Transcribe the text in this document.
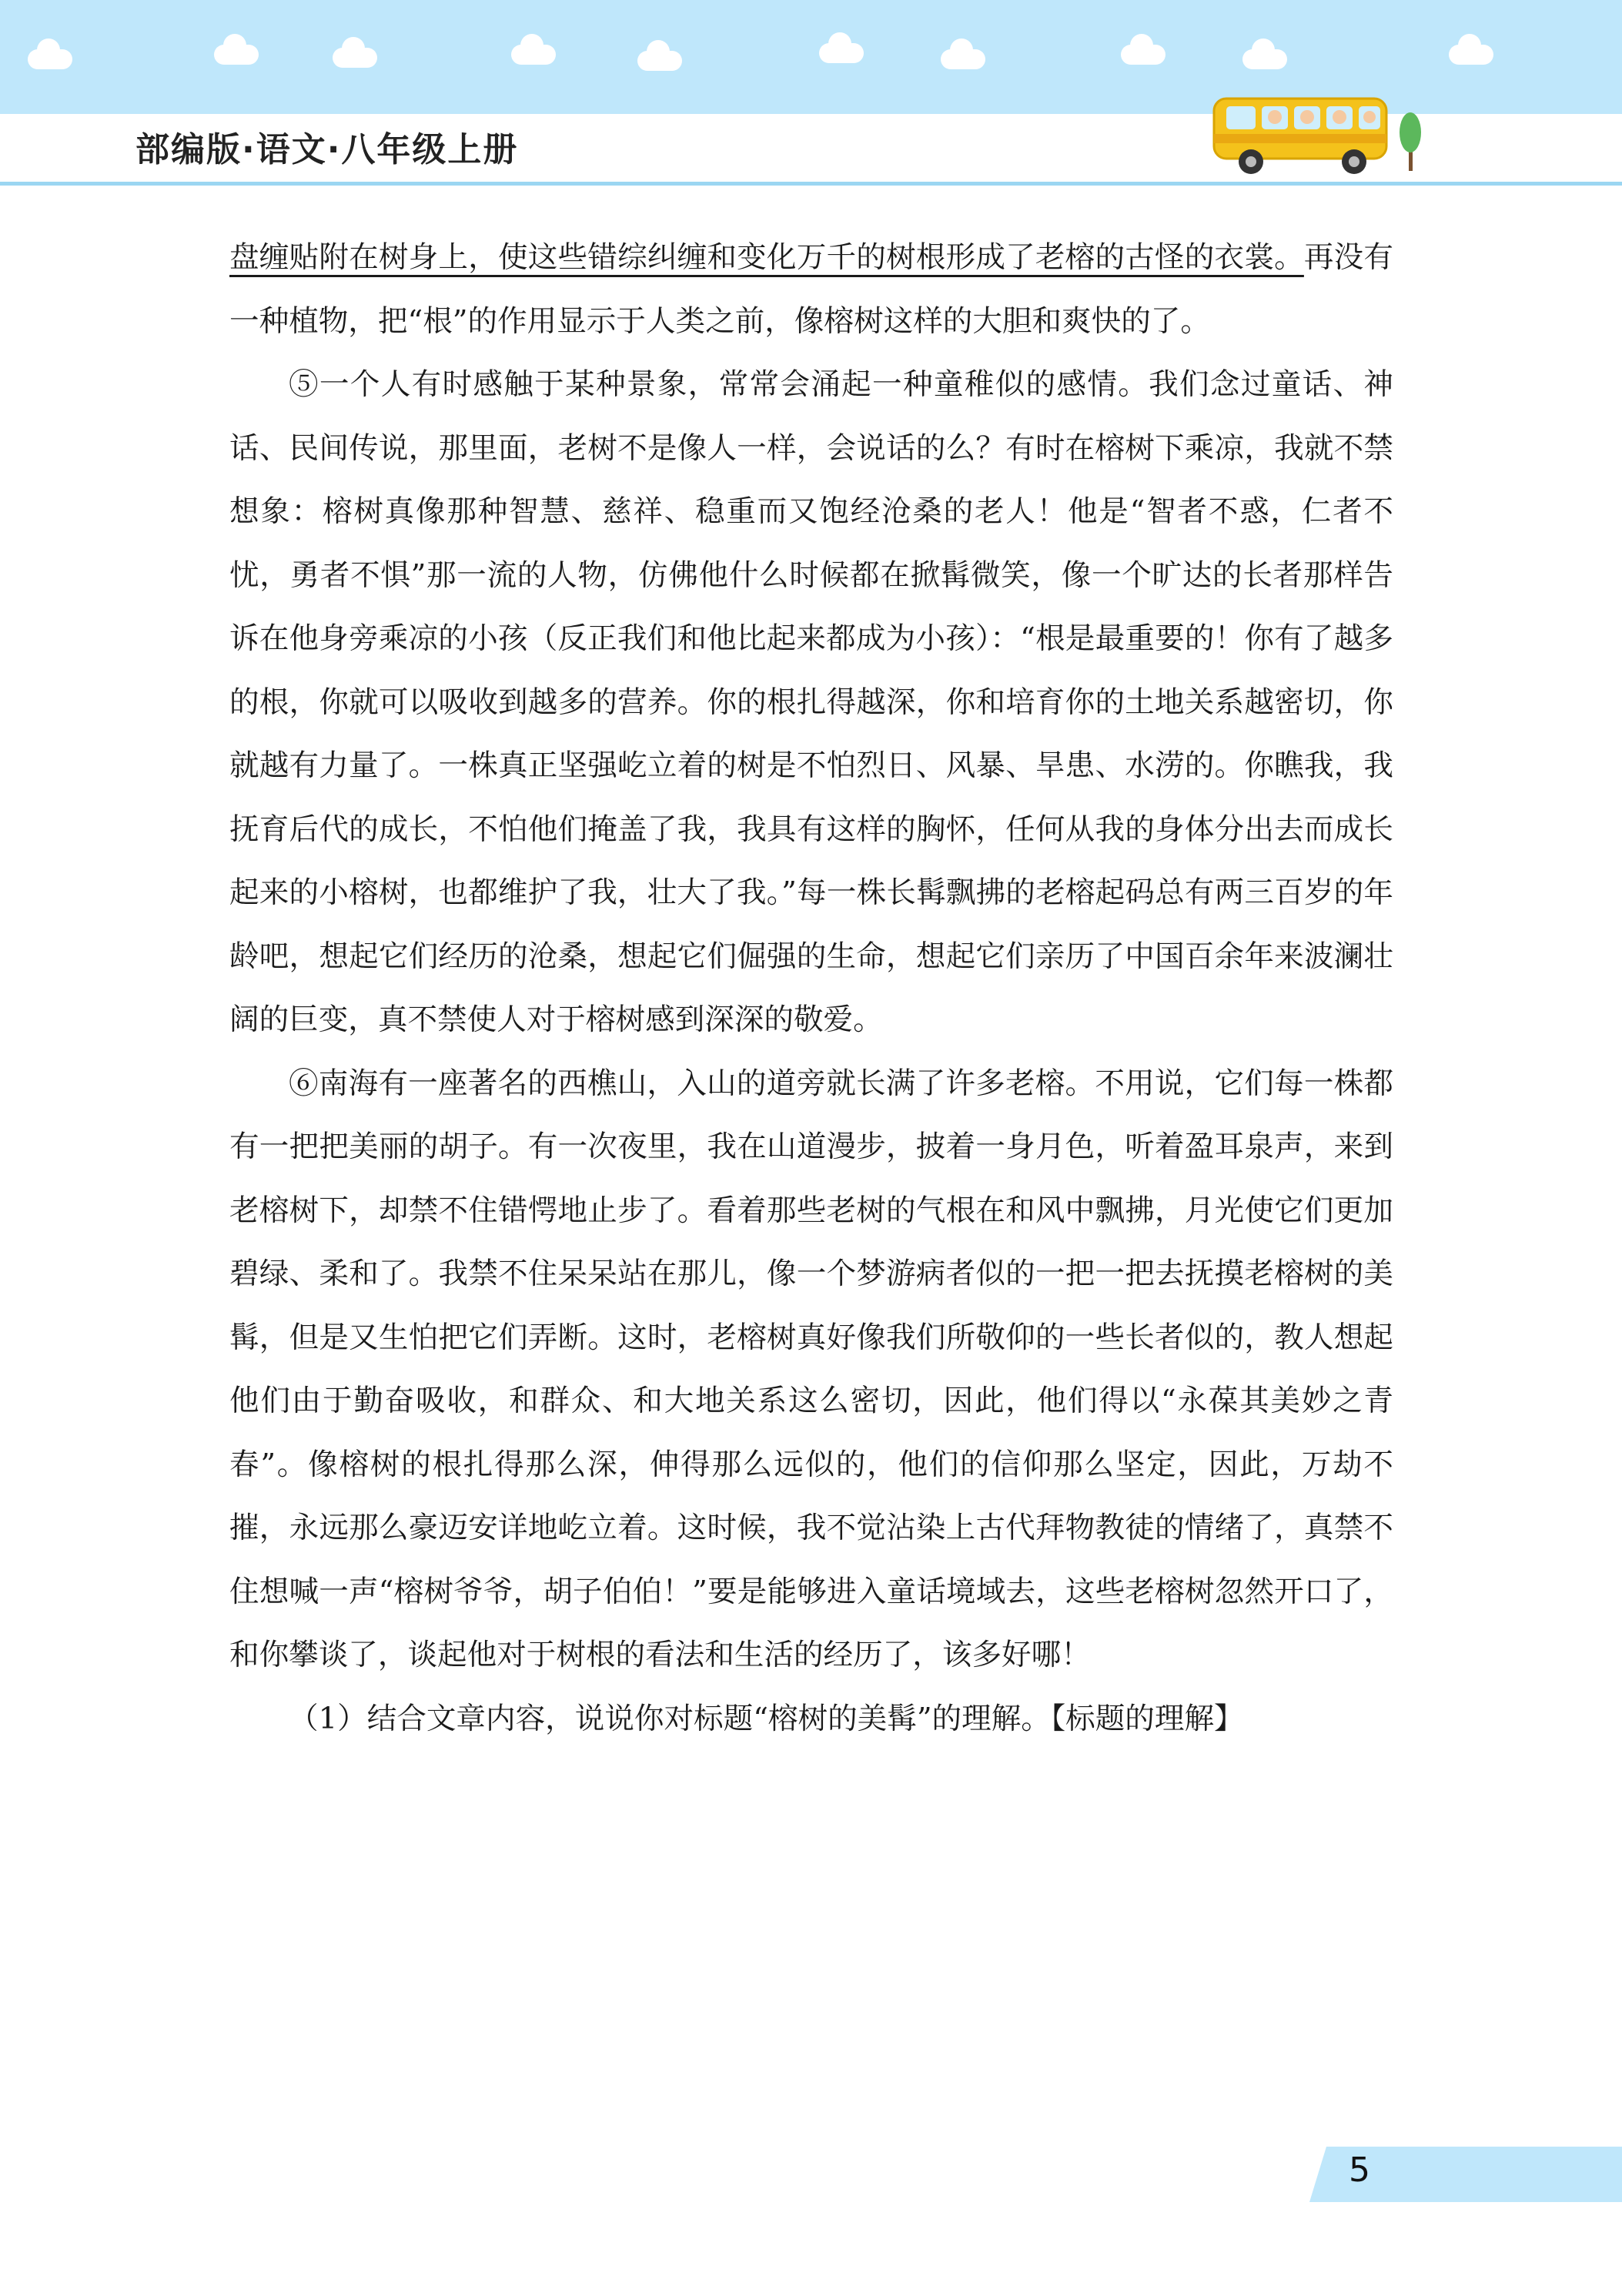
部编版·语文·八年级上册

盘缠贴附在树身上，使这些错综纠缠和变化万千的树根形成了老榕的古怪的衣裳。再没有一种植物，把“根”的作用显示于人类之前，像榕树这样的大胆和爽快的了。

⑤一个人有时感触于某种景象，常常会涌起一种童稚似的感情。我们念过童话、神话、民间传说，那里面，老树不是像人一样，会说话的么？有时在榕树下乘凉，我就不禁想象：榕树真像那种智慧、慈祥、稳重而又饱经沧桑的老人！他是“智者不惑，仁者不忧，勇者不惧”那一流的人物，仿佛他什么时候都在掀髯微笑，像一个旷达的长者那样告诉在他身旁乘凉的小孩（反正我们和他比起来都成为小孩）：“根是最重要的！你有了越多的根，你就可以吸收到越多的营养。你的根扎得越深，你和培育你的土地关系越密切，你就越有力量了。一株真正坚强屹立着的树是不怕烈日、风暴、旱患、水涝的。你瞧我，我抚育后代的成长，不怕他们掩盖了我，我具有这样的胸怀，任何从我的身体分出去而成长起来的小榕树，也都维护了我，壮大了我。”每一株长髯飘拂的老榕起码总有两三百岁的年龄吧，想起它们经历的沧桑，想起它们倔强的生命，想起它们亲历了中国百余年来波澜壮阔的巨变，真不禁使人对于榕树感到深深的敬爱。

⑥南海有一座著名的西樵山，入山的道旁就长满了许多老榕。不用说，它们每一株都有一把把美丽的胡子。有一次夜里，我在山道漫步，披着一身月色，听着盈耳泉声，来到老榕树下，却禁不住错愕地止步了。看着那些老树的气根在和风中飘拂，月光使它们更加碧绿、柔和了。我禁不住呆呆站在那儿，像一个梦游病者似的一把一把去抚摸老榕树的美髯，但是又生怕把它们弄断。这时，老榕树真好像我们所敬仰的一些长者似的，教人想起他们由于勤奋吸收，和群众、和大地关系这么密切，因此，他们得以“永葆其美妙之青春”。像榕树的根扎得那么深，伸得那么远似的，他们的信仰那么坚定，因此，万劫不摧，永远那么豪迈安详地屹立着。这时候，我不觉沾染上古代拜物教徒的情绪了，真禁不住想喊一声“榕树爷爷，胡子伯伯！”要是能够进入童话境域去，这些老榕树忽然开口了，和你攀谈了，谈起他对于树根的看法和生活的经历了，该多好哪！

（1）结合文章内容，说说你对标题“榕树的美髯”的理解。【标题的理解】

5
